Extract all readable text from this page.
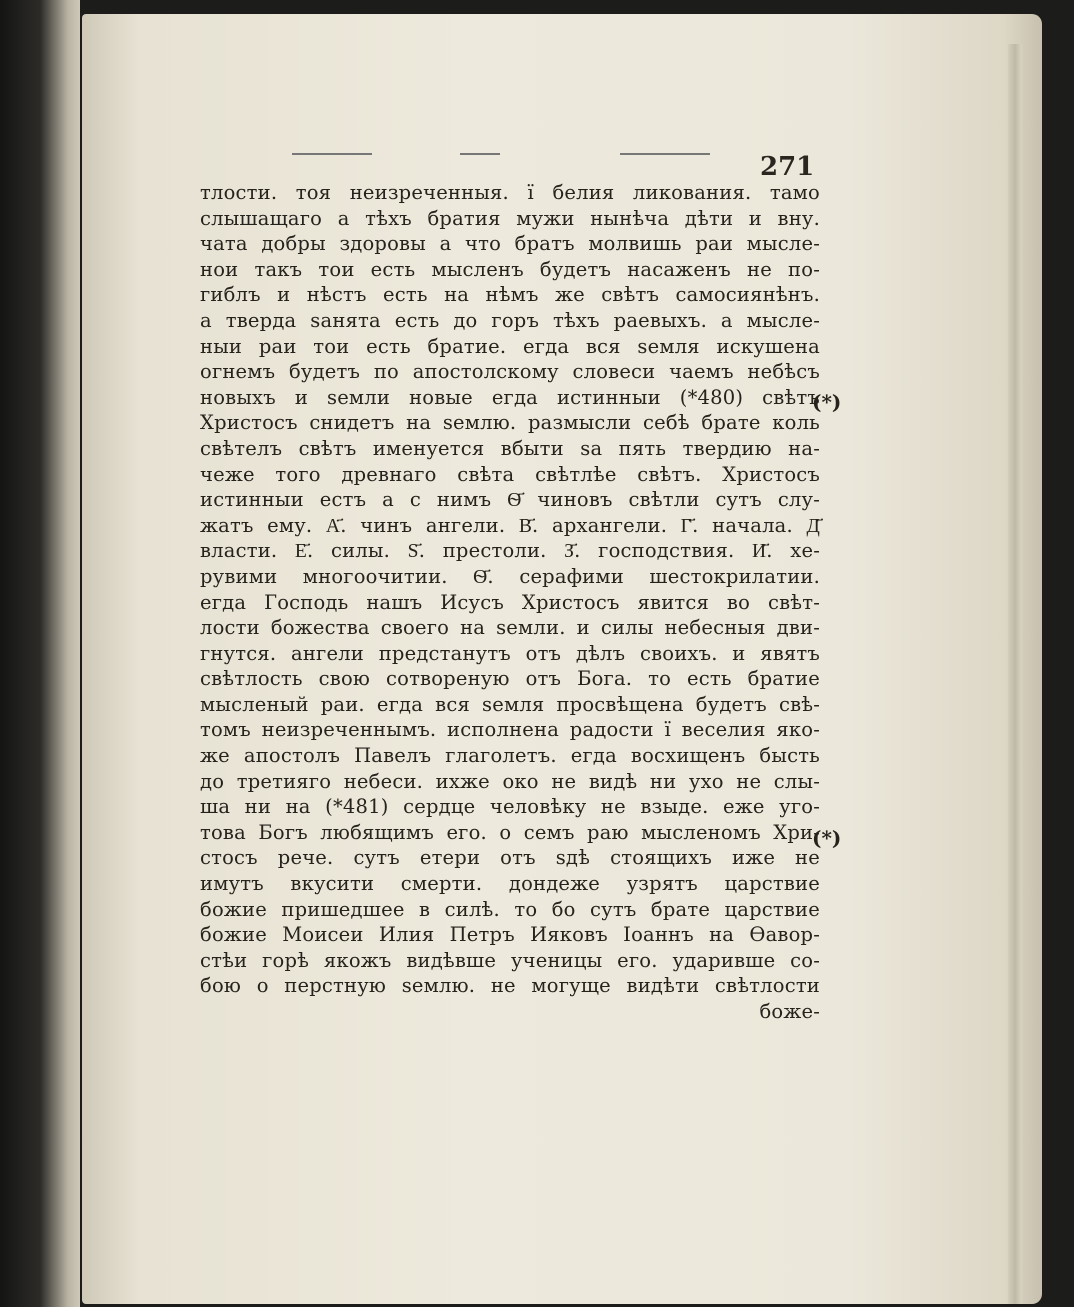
271
тлости. тоя неизреченныя. ї белия ликования. тамо
слышащаго а тѣхъ братия мужи нынѣча дѣти и вну.
чата добры здоровы а что братъ молвишь раи мысле-
нои такъ тои есть мысленъ будетъ насаженъ не по-
гиблъ и нѣстъ есть на нѣмъ же свѣтъ самосиянѣнъ.
а тверда ѕанята есть до горъ тѣхъ раевыхъ. а мысле-
ныи раи тои есть братие. егда вся ѕемля искушена
огнемъ будетъ по апостолскому словеси чаемъ небѣсъ
новыхъ и ѕемли новые егда истинныи (*480) свѣтъ
Христосъ снидетъ на ѕемлю. размысли себѣ брате коль
свѣтелъ свѣтъ именуется вбыти ѕа пять твердию на-
чеже того древнаго свѣта свѣтлѣе свѣтъ. Христосъ
истинныи естъ а с нимъ Ѳ҃ чиновъ свѣтли сутъ слу-
жатъ ему. А҃. чинъ ангели. В҃. архангели. Г҃. начала. Д҃
власти. Е҃. силы. Ѕ҃. престоли. З҃. господствия. И҃. хе-
рувими многоочитии. Ѳ҃. серафими шестокрилатии.
егда Господь нашъ Исусъ Христосъ явится во свѣт-
лости божества своего на ѕемли. и силы небесныя дви-
гнутся. ангели предстанутъ отъ дѣлъ своихъ. и явятъ
свѣтлость свою сотвореную отъ Бога. то есть братие
мысленый раи. егда вся ѕемля просвѣщена будетъ свѣ-
томъ неизреченнымъ. исполнена радости ї веселия яко-
же апостолъ Павелъ глаголетъ. егда восхищенъ бысть
до третияго небеси. ихже око не видѣ ни ухо не слы-
ша ни на (*481) сердце человѣку не взыде. еже уго-
това Богъ любящимъ его. о семъ раю мысленомъ Хри-
стосъ рече. сутъ етери отъ ѕдѣ стоящихъ иже не
имутъ вкусити смерти. дондеже узрятъ царствие
божие пришедшее в силѣ. то бо сутъ брате царствие
божие Моисеи Илия Петръ Ияковъ Іоаннъ на Ѳавор-
стѣи горѣ якожъ видѣвше ученицы его. ударивше со-
бою о перстную ѕемлю. не могуще видѣти свѣтлости
боже-
(*)
(*)
